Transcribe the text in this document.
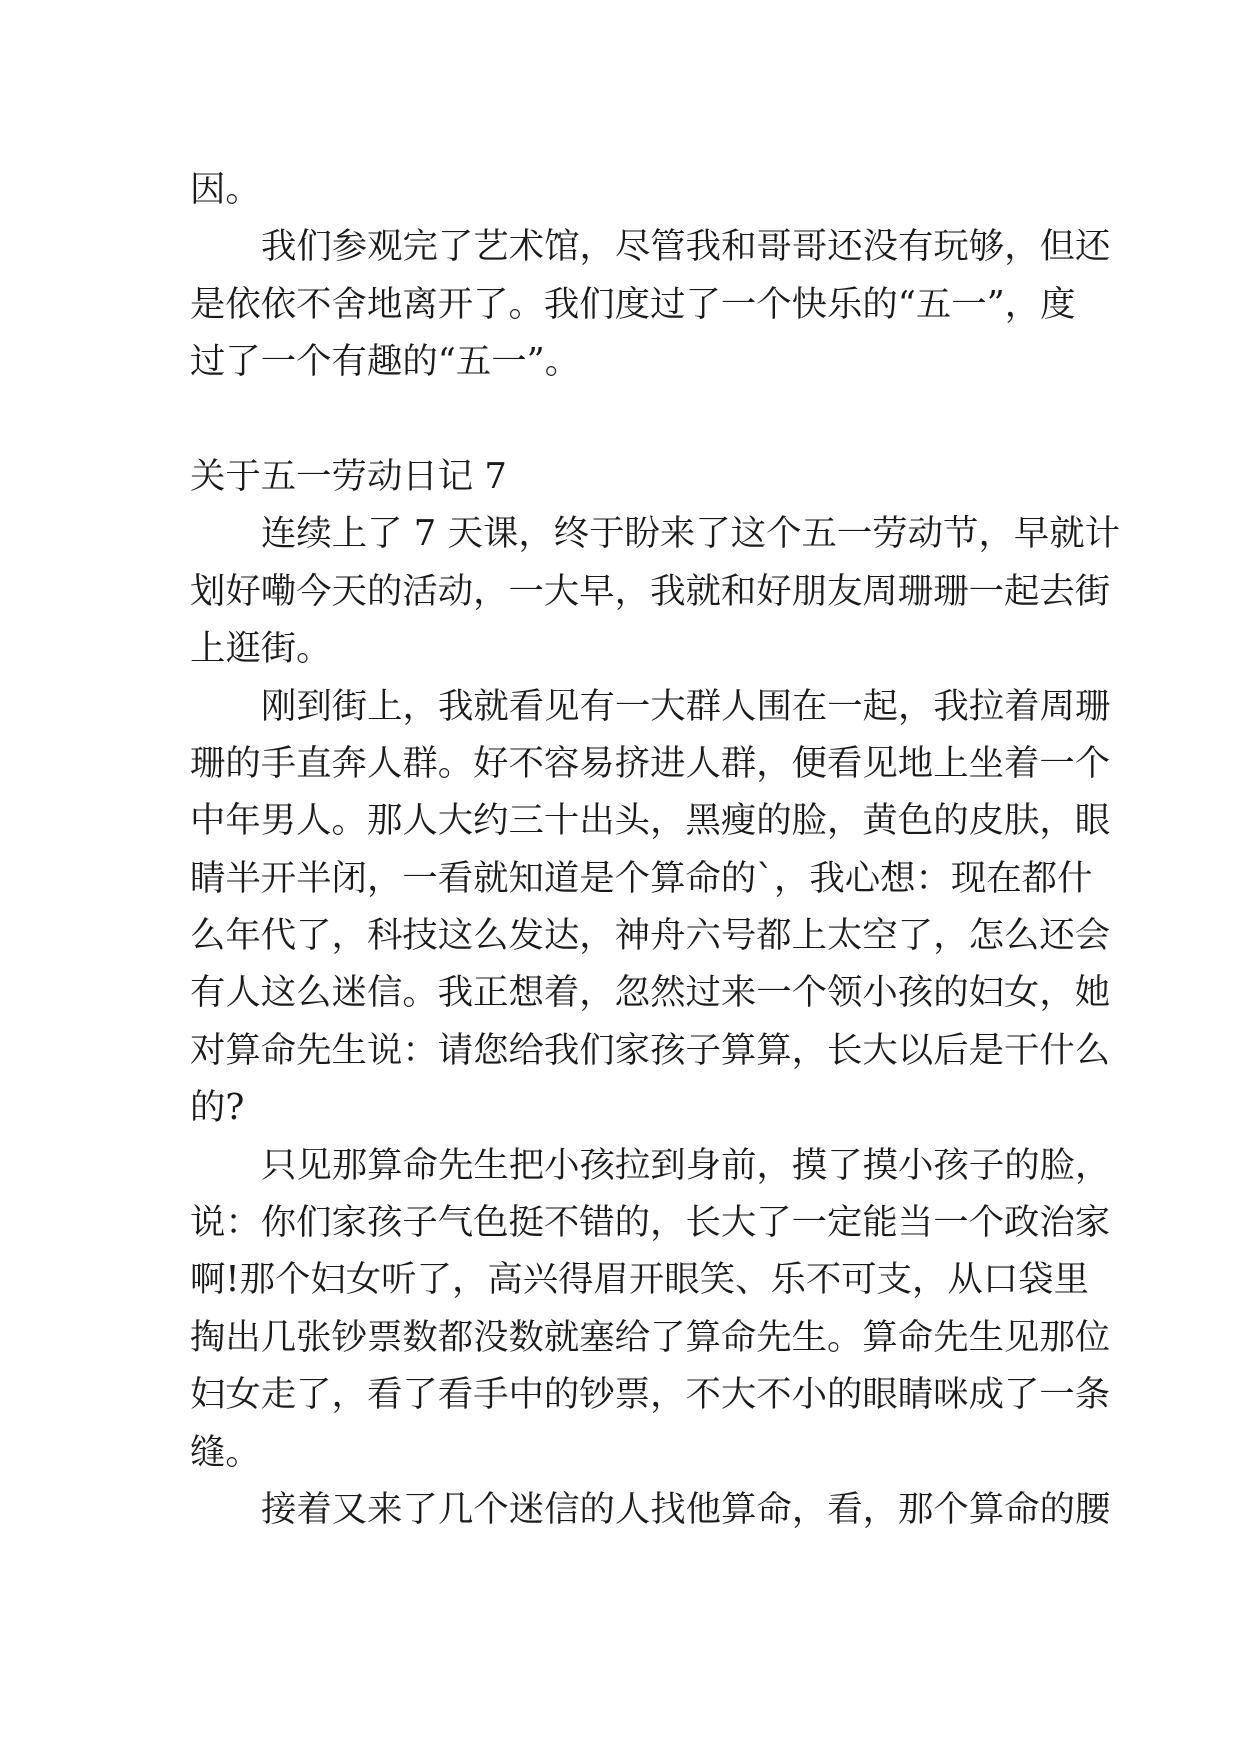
因。
我们参观完了艺术馆，尽管我和哥哥还没有玩够，但还
是依依不舍地离开了。我们度过了一个快乐的“五一”，度
过了一个有趣的“五一”。
关于五一劳动日记 7
连续上了 7 天课，终于盼来了这个五一劳动节，早就计
划好嘞今天的活动，一大早，我就和好朋友周珊珊一起去街
上逛街。
刚到街上，我就看见有一大群人围在一起，我拉着周珊
珊的手直奔人群。好不容易挤进人群，便看见地上坐着一个
中年男人。那人大约三十出头，黑瘦的脸，黄色的皮肤，眼
睛半开半闭，一看就知道是个算命的`，我心想：现在都什
么年代了，科技这么发达，神舟六号都上太空了，怎么还会
有人这么迷信。我正想着，忽然过来一个领小孩的妇女，她
对算命先生说：请您给我们家孩子算算，长大以后是干什么
的?
只见那算命先生把小孩拉到身前，摸了摸小孩子的脸，
说：你们家孩子气色挺不错的，长大了一定能当一个政治家
啊!那个妇女听了，高兴得眉开眼笑、乐不可支，从口袋里
掏出几张钞票数都没数就塞给了算命先生。算命先生见那位
妇女走了，看了看手中的钞票，不大不小的眼睛咪成了一条
缝。
接着又来了几个迷信的人找他算命，看，那个算命的腰
